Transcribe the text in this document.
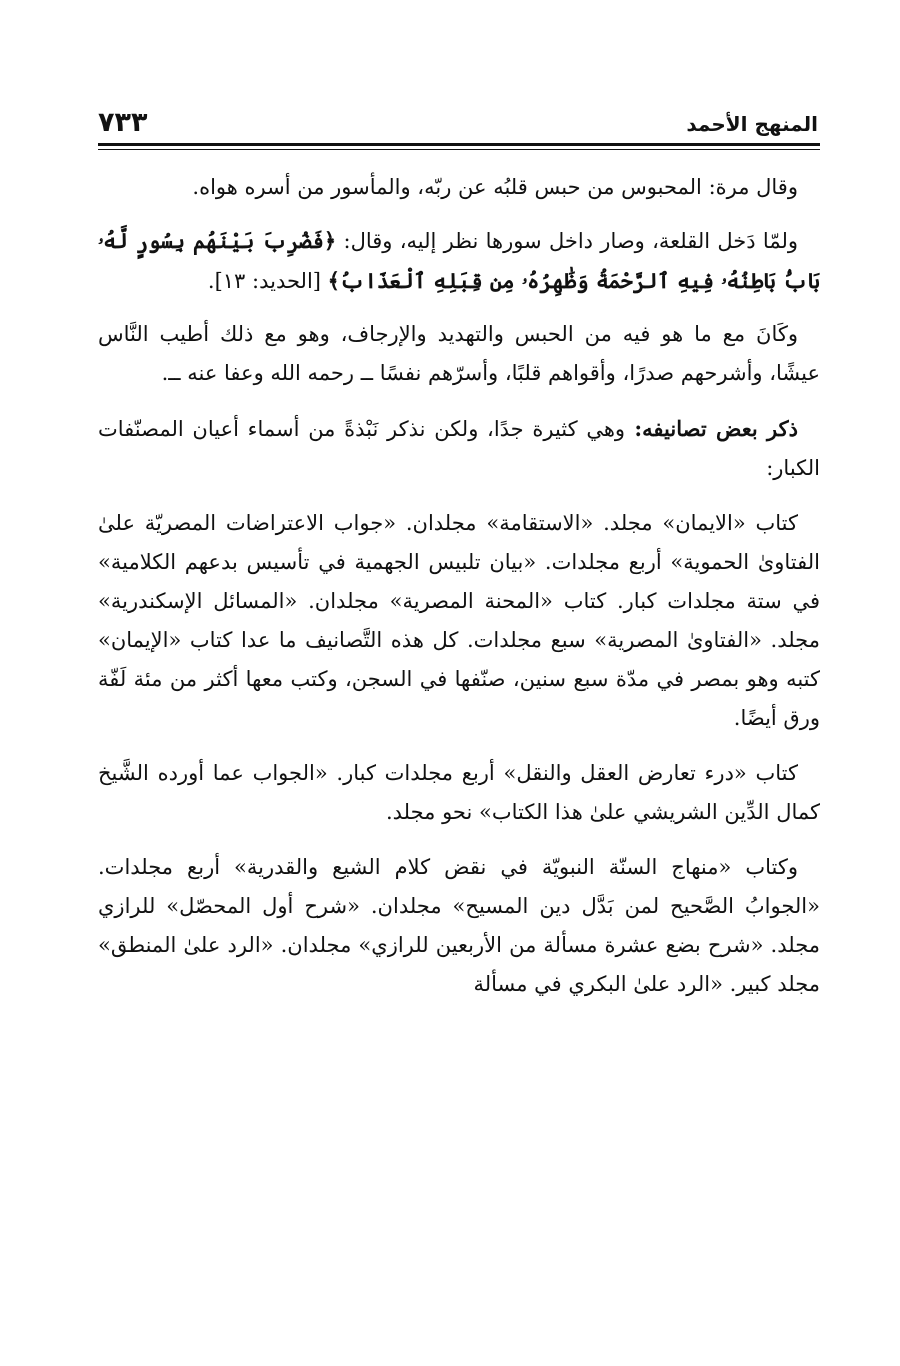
المنهج الأحمد
٧٣٣

وقال مرة: المحبوس من حبس قلبُه عن ربّه، والمأسور من أسره هواه.

ولمّا دَخل القلعة، وصار داخل سورها نظر إليه، وقال: ﴿فَضُرِبَ بَيْنَهُم بِسُورٍ لَّهُۥ بَابُۢ بَاطِنُهُۥ فِيهِ ٱلرَّحْمَةُ وَظَٰهِرُهُۥ مِن قِبَلِهِ ٱلْعَذَابُ﴾ [الحديد: ١٣].

وكَانَ مع ما هو فيه من الحبس والتهديد والإرجاف، وهو مع ذلك أطيب النَّاس عيشًا، وأشرحهم صدرًا، وأقواهم قلبًا، وأسرّهم نفسًا ــ رحمه الله وعفا عنه ــ.

ذكر بعض تصانيفه: وهي كثيرة جدًا، ولكن نذكر نَبْذةً من أسماء أعيان المصنّفات الكبار:

كتاب «الايمان» مجلد. «الاستقامة» مجلدان. «جواب الاعتراضات المصريّة علىٰ الفتاوىٰ الحموية» أربع مجلدات. «بيان تلبيس الجهمية في تأسيس بدعهم الكلامية» في ستة مجلدات كبار. كتاب «المحنة المصرية» مجلدان. «المسائل الإسكندرية» مجلد. «الفتاوىٰ المصرية» سبع مجلدات. كل هذه التَّصانيف ما عدا كتاب «الإيمان» كتبه وهو بمصر في مدّة سبع سنين، صنّفها في السجن، وكتب معها أكثر من مئة لَفّة ورق أيضًا.

كتاب «درء تعارض العقل والنقل» أربع مجلدات كبار. «الجواب عما أورده الشَّيخ كمال الدِّين الشريشي علىٰ هذا الكتاب» نحو مجلد.

وكتاب «منهاج السنّة النبويّة في نقض كلام الشيع والقدرية» أربع مجلدات. «الجوابُ الصَّحيح لمن بَدَّل دين المسيح» مجلدان. «شرح أول المحصّل» للرازي مجلد. «شرح بضع عشرة مسألة من الأربعين للرازي» مجلدان. «الرد علىٰ المنطق» مجلد كبير. «الرد علىٰ البكري في مسألة
